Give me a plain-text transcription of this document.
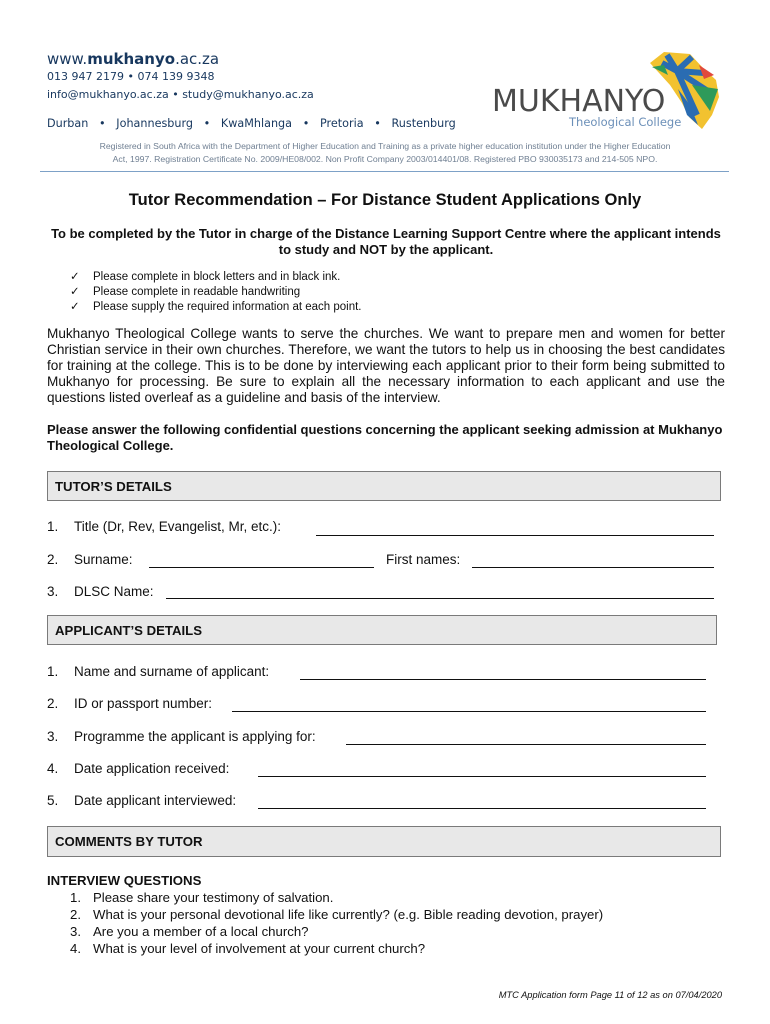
www.mukhanyo.ac.za
013 947 2179 • 074 139 9348
info@mukhanyo.ac.za • study@mukhanyo.ac.za
Durban   •   Johannesburg   •   KwaMhlanga   •   Pretoria   •   Rustenburg
MUKHANYO
Theological College
Registered in South Africa with the Department of Higher Education and Training as a private higher education institution under the Higher Education
Act, 1997. Registration Certificate No. 2009/HE08/002. Non Profit Company 2003/014401/08. Registered PBO 930035173 and 214-505 NPO.
Tutor Recommendation – For Distance Student Applications Only
To be completed by the Tutor in charge of the Distance Learning Support Centre where the applicant intends to study and NOT by the applicant.
✓ Please complete in block letters and in black ink.
✓ Please complete in readable handwriting
✓ Please supply the required information at each point.
Mukhanyo Theological College wants to serve the churches. We want to prepare men and women for better Christian service in their own churches. Therefore, we want the tutors to help us in choosing the best candidates for training at the college. This is to be done by interviewing each applicant prior to their form being submitted to Mukhanyo for processing. Be sure to explain all the necessary information to each applicant and use the questions listed overleaf as a guideline and basis of the interview.
Please answer the following confidential questions concerning the applicant seeking admission at Mukhanyo Theological College.
TUTOR’S DETAILS
1. Title (Dr, Rev, Evangelist, Mr, etc.):
2. Surname:	First names:
3. DLSC Name:
APPLICANT’S DETAILS
1. Name and surname of applicant:
2. ID or passport number:
3. Programme the applicant is applying for:
4. Date application received:
5. Date applicant interviewed:
COMMENTS BY TUTOR
INTERVIEW QUESTIONS
1. Please share your testimony of salvation.
2. What is your personal devotional life like currently? (e.g. Bible reading devotion, prayer)
3. Are you a member of a local church?
4. What is your level of involvement at your current church?
MTC Application form Page 11 of 12 as on 07/04/2020
